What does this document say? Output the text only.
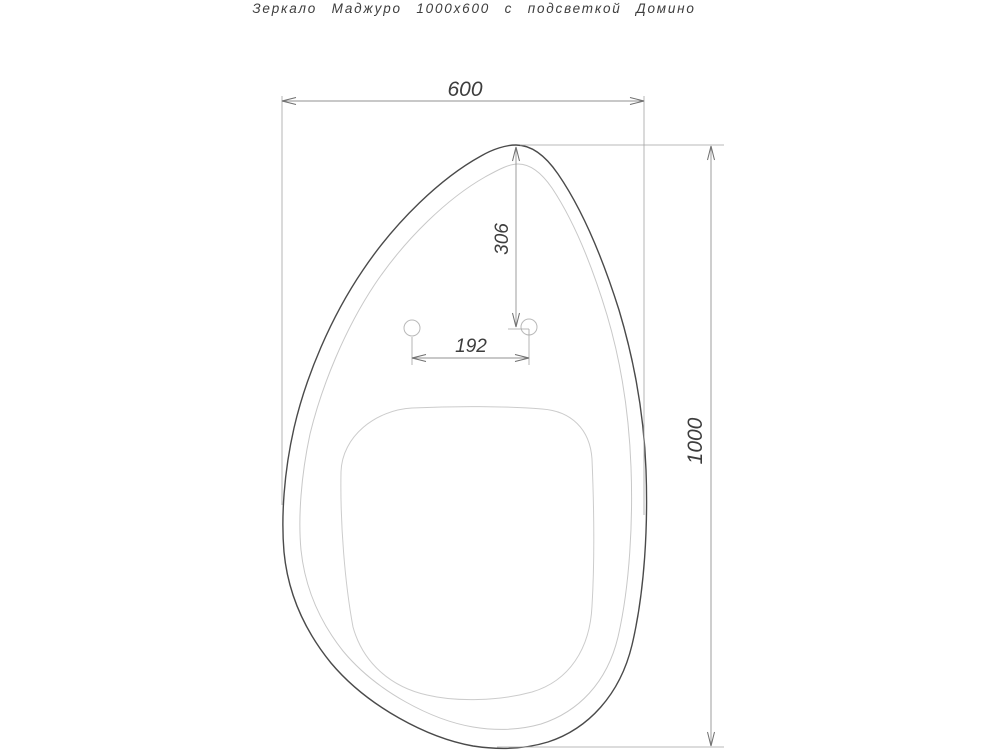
Зеркало Маджуро 1000х600 с подсветкой Домино
600
1000
306
192
